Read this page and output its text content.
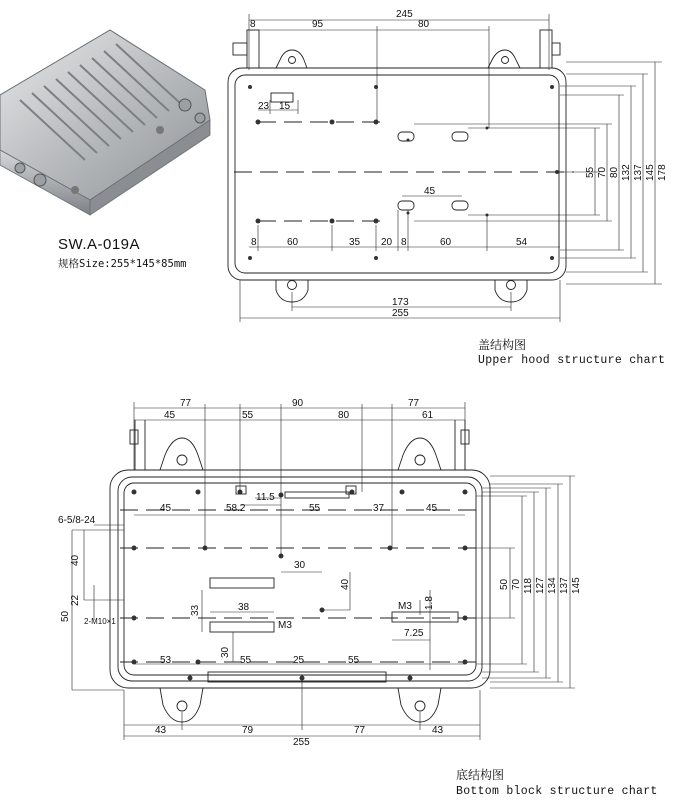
8	95
245
80
23 15
45
8	60	35 20 8	60	54
173
255
55 70 80 132 137 145 178
77	90	77
45	55	80	61
45	58.2
11.5
55	37	45
30
40
38
33
30
M3
M3 1.8
7.25
53	55	25	55
43	79	77	43
255
6-5/8-24
40
22
50 2-M10×1
50 70 118 127 134 137 145
SW.A-019A
规格Size:255*145*85mm
盖结构图
Upper hood structure chart
底结构图
Bottom block structure chart
